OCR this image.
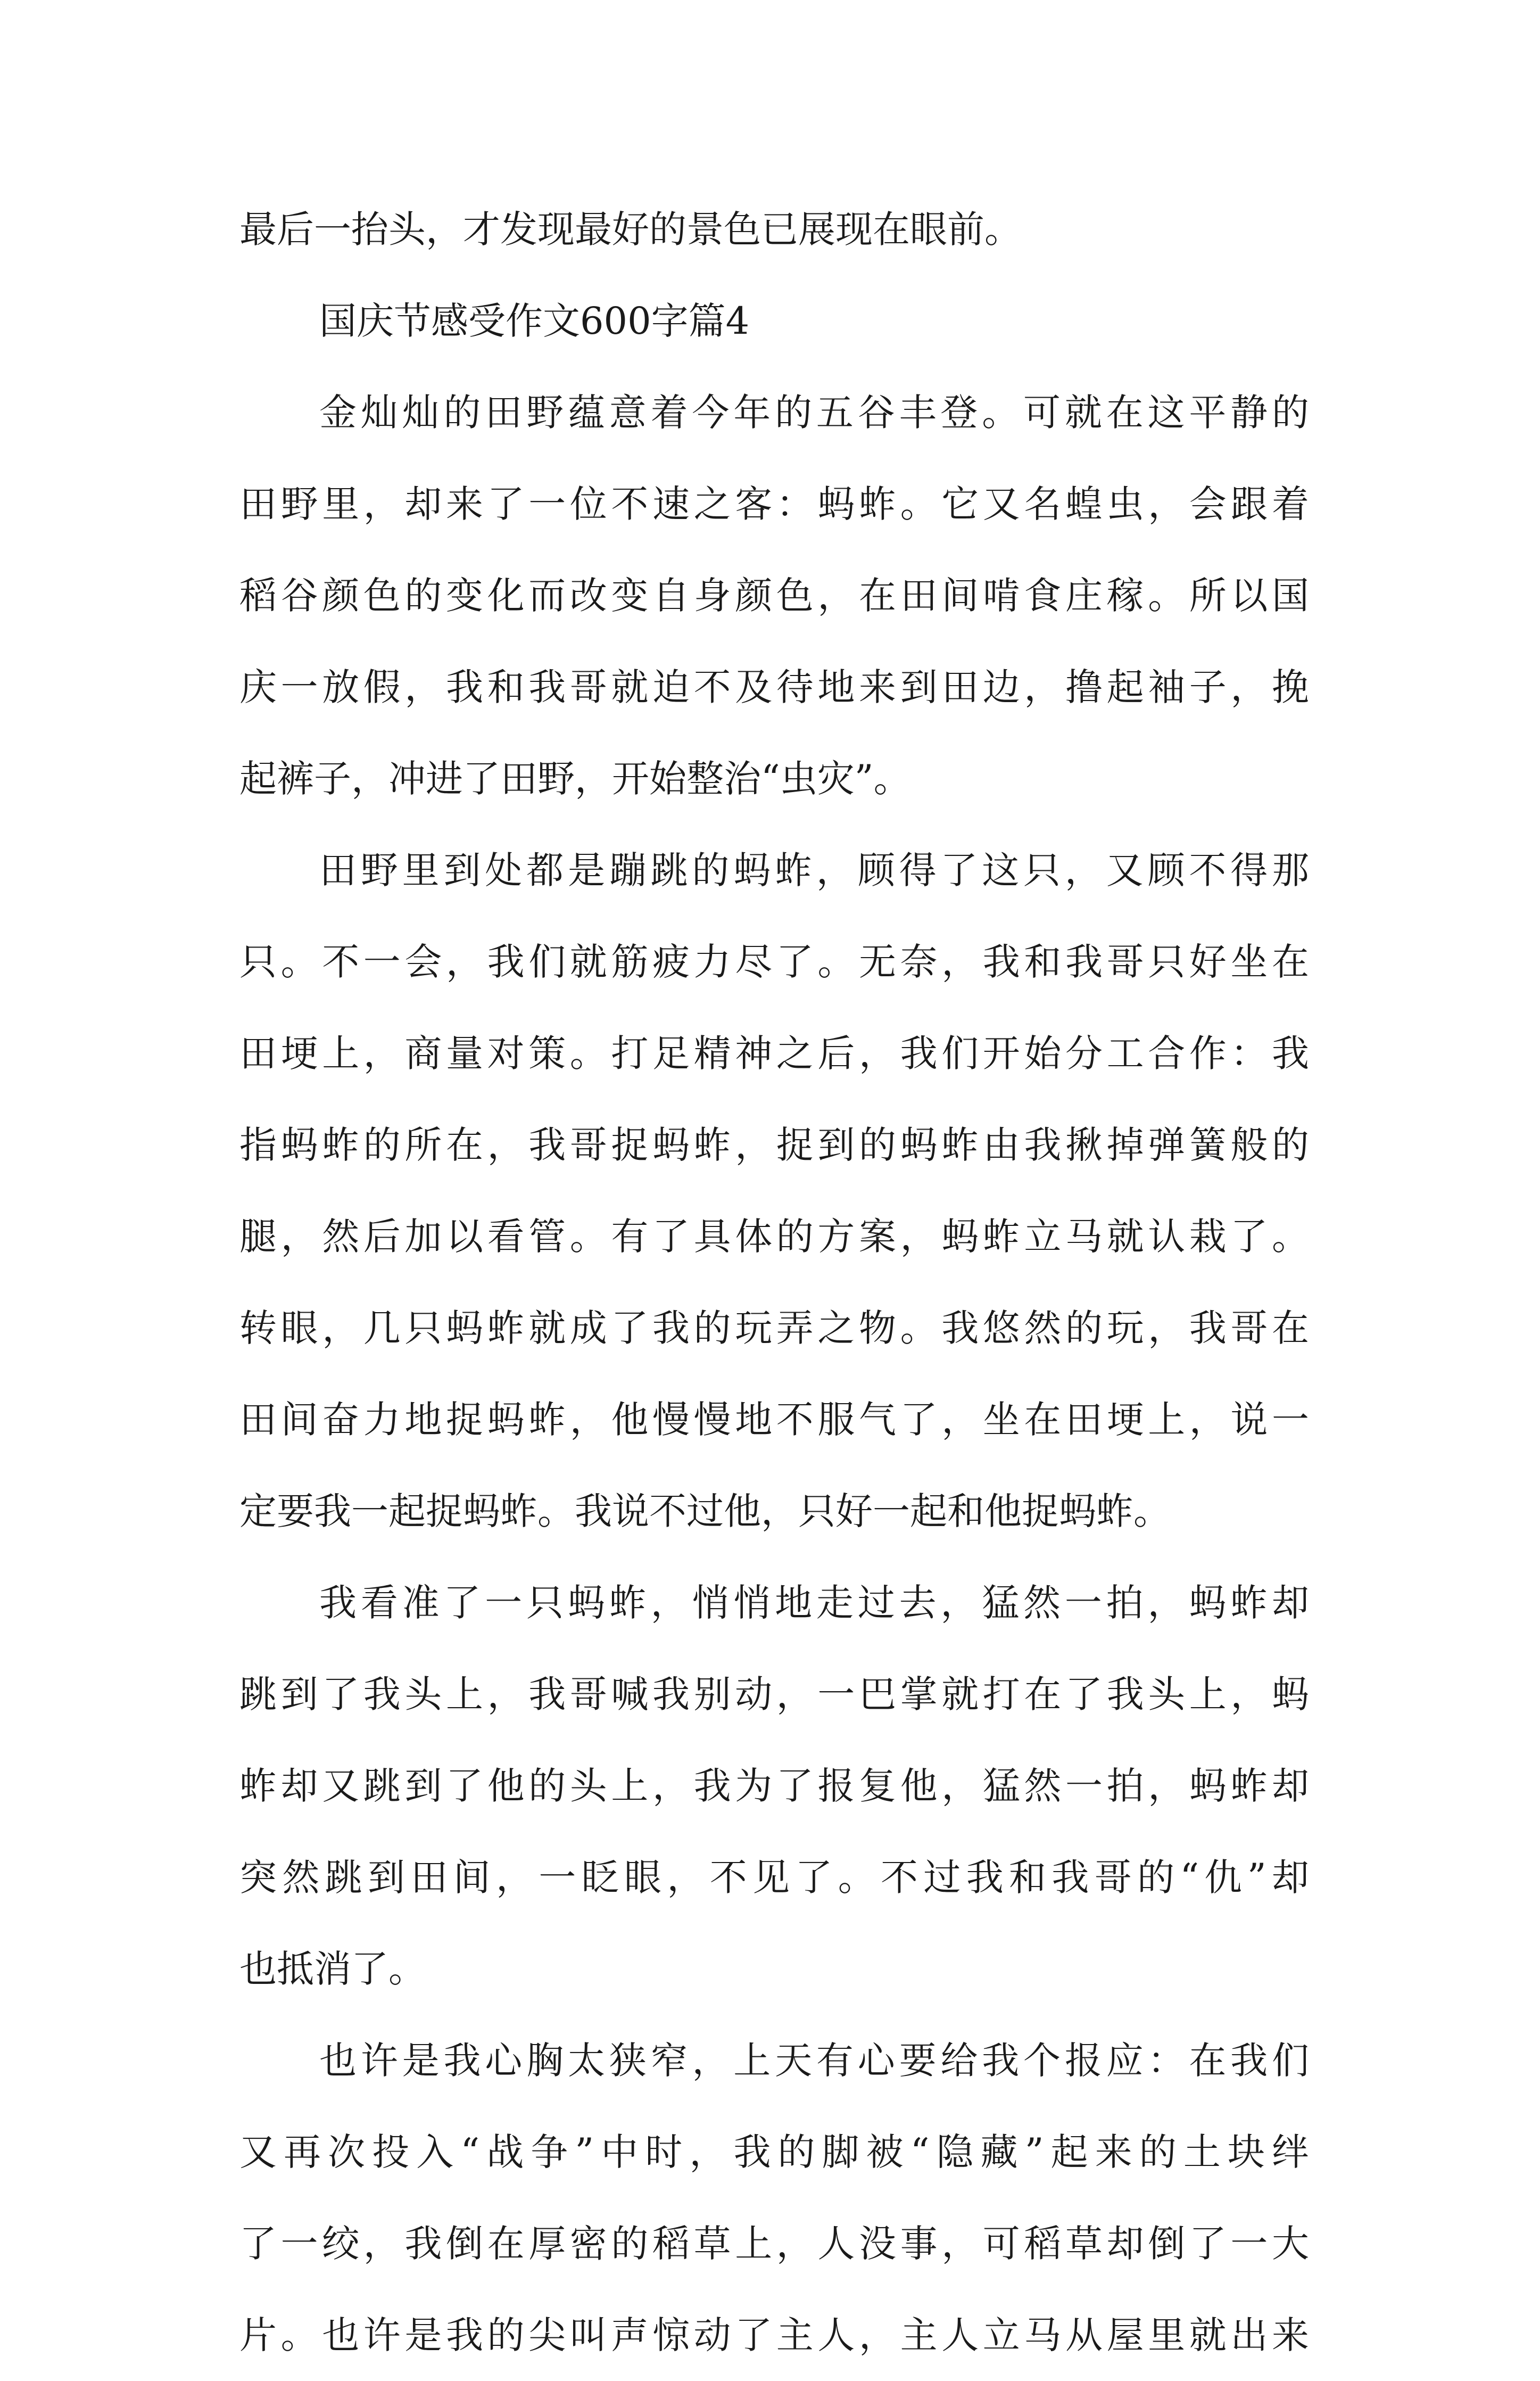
最后一抬头，才发现最好的景色已展现在眼前。
国庆节感受作文600字篇4
金灿灿的田野蕴意着今年的五谷丰登。可就在这平静的
田野里，却来了一位不速之客：蚂蚱。它又名蝗虫，会跟着
稻谷颜色的变化而改变自身颜色，在田间啃食庄稼。所以国
庆一放假，我和我哥就迫不及待地来到田边，撸起袖子，挽
起裤子，冲进了田野，开始整治“虫灾”。
田野里到处都是蹦跳的蚂蚱，顾得了这只，又顾不得那
只。不一会，我们就筋疲力尽了。无奈，我和我哥只好坐在
田埂上，商量对策。打足精神之后，我们开始分工合作：我
指蚂蚱的所在，我哥捉蚂蚱，捉到的蚂蚱由我揪掉弹簧般的
腿，然后加以看管。有了具体的方案，蚂蚱立马就认栽了。
转眼，几只蚂蚱就成了我的玩弄之物。我悠然的玩，我哥在
田间奋力地捉蚂蚱，他慢慢地不服气了，坐在田埂上，说一
定要我一起捉蚂蚱。我说不过他，只好一起和他捉蚂蚱。
我看准了一只蚂蚱，悄悄地走过去，猛然一拍，蚂蚱却
跳到了我头上，我哥喊我别动，一巴掌就打在了我头上，蚂
蚱却又跳到了他的头上，我为了报复他，猛然一拍，蚂蚱却
突然跳到田间，一眨眼，不见了。不过我和我哥的“仇”却
也抵消了。
也许是我心胸太狭窄，上天有心要给我个报应：在我们
又再次投入“战争”中时，我的脚被“隐藏”起来的土块绊
了一绞，我倒在厚密的稻草上，人没事，可稻草却倒了一大
片。也许是我的尖叫声惊动了主人，主人立马从屋里就出来
